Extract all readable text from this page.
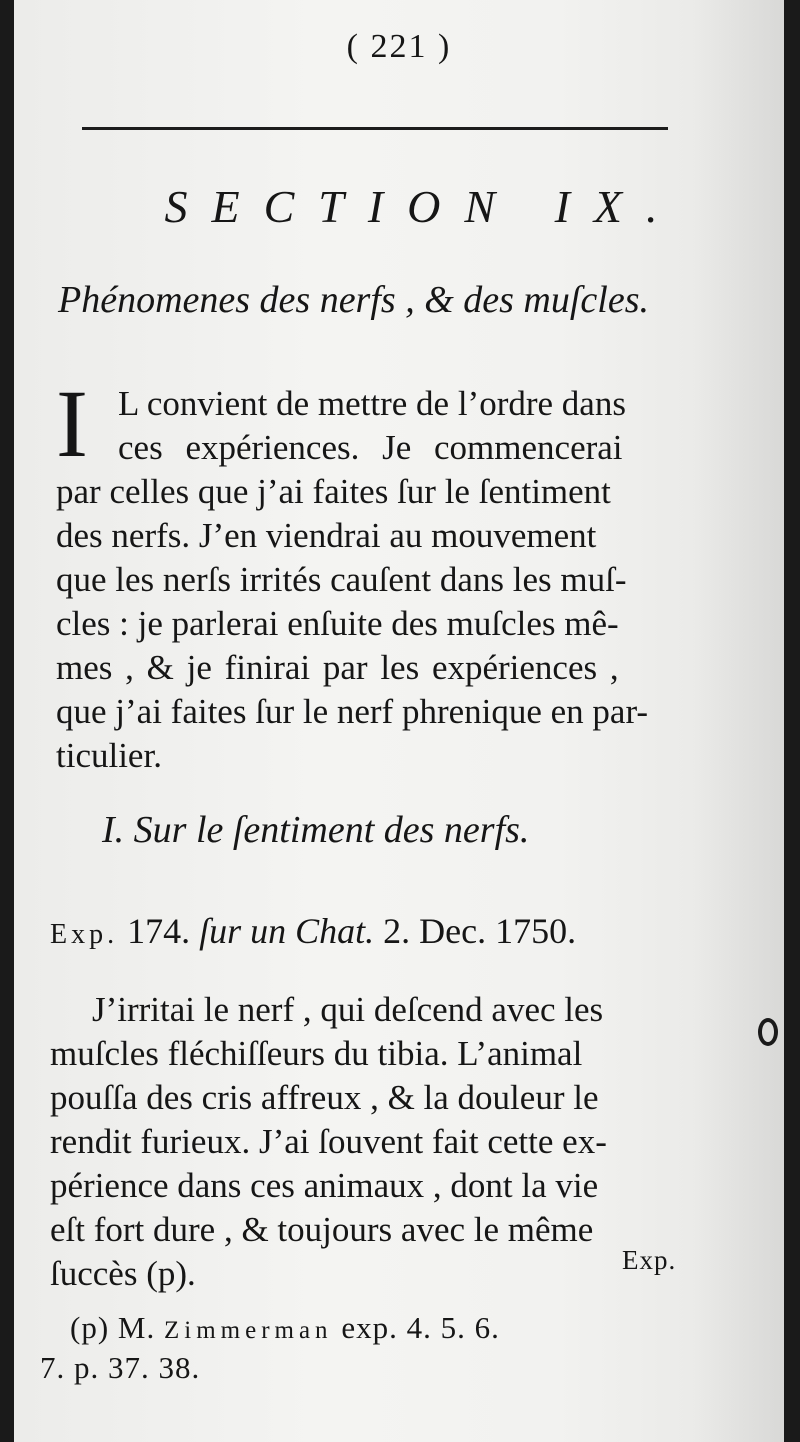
( 221 )
SECTION IX.
Phénomenes des nerfs , & des muſcles.
I L convient de mettre de l’ordre dans
ces expériences. Je commencerai
par celles que j’ai faites ſur le ſentiment
des nerfs. J’en viendrai au mouvement
que les nerſs irrités cauſent dans les muſ-
cles : je parlerai enſuite des muſcles mê-
mes , & je finirai par les expériences ,
que j’ai faites ſur le nerf phrenique en par-
ticulier.
I. Sur le ſentiment des nerfs.
Exp. 174. ſur un Chat. 2. Dec. 1750.
J’irritai le nerf , qui deſcend avec les
muſcles fléchiſſeurs du tibia. L’animal
pouſſa des cris affreux , & la douleur le
rendit furieux. J’ai ſouvent fait cette ex-
périence dans ces animaux , dont la vie
eſt fort dure , & toujours avec le même
ſuccès (p).	Exp.
(p) M. Zimmerman exp. 4. 5. 6.
7. p. 37. 38.
